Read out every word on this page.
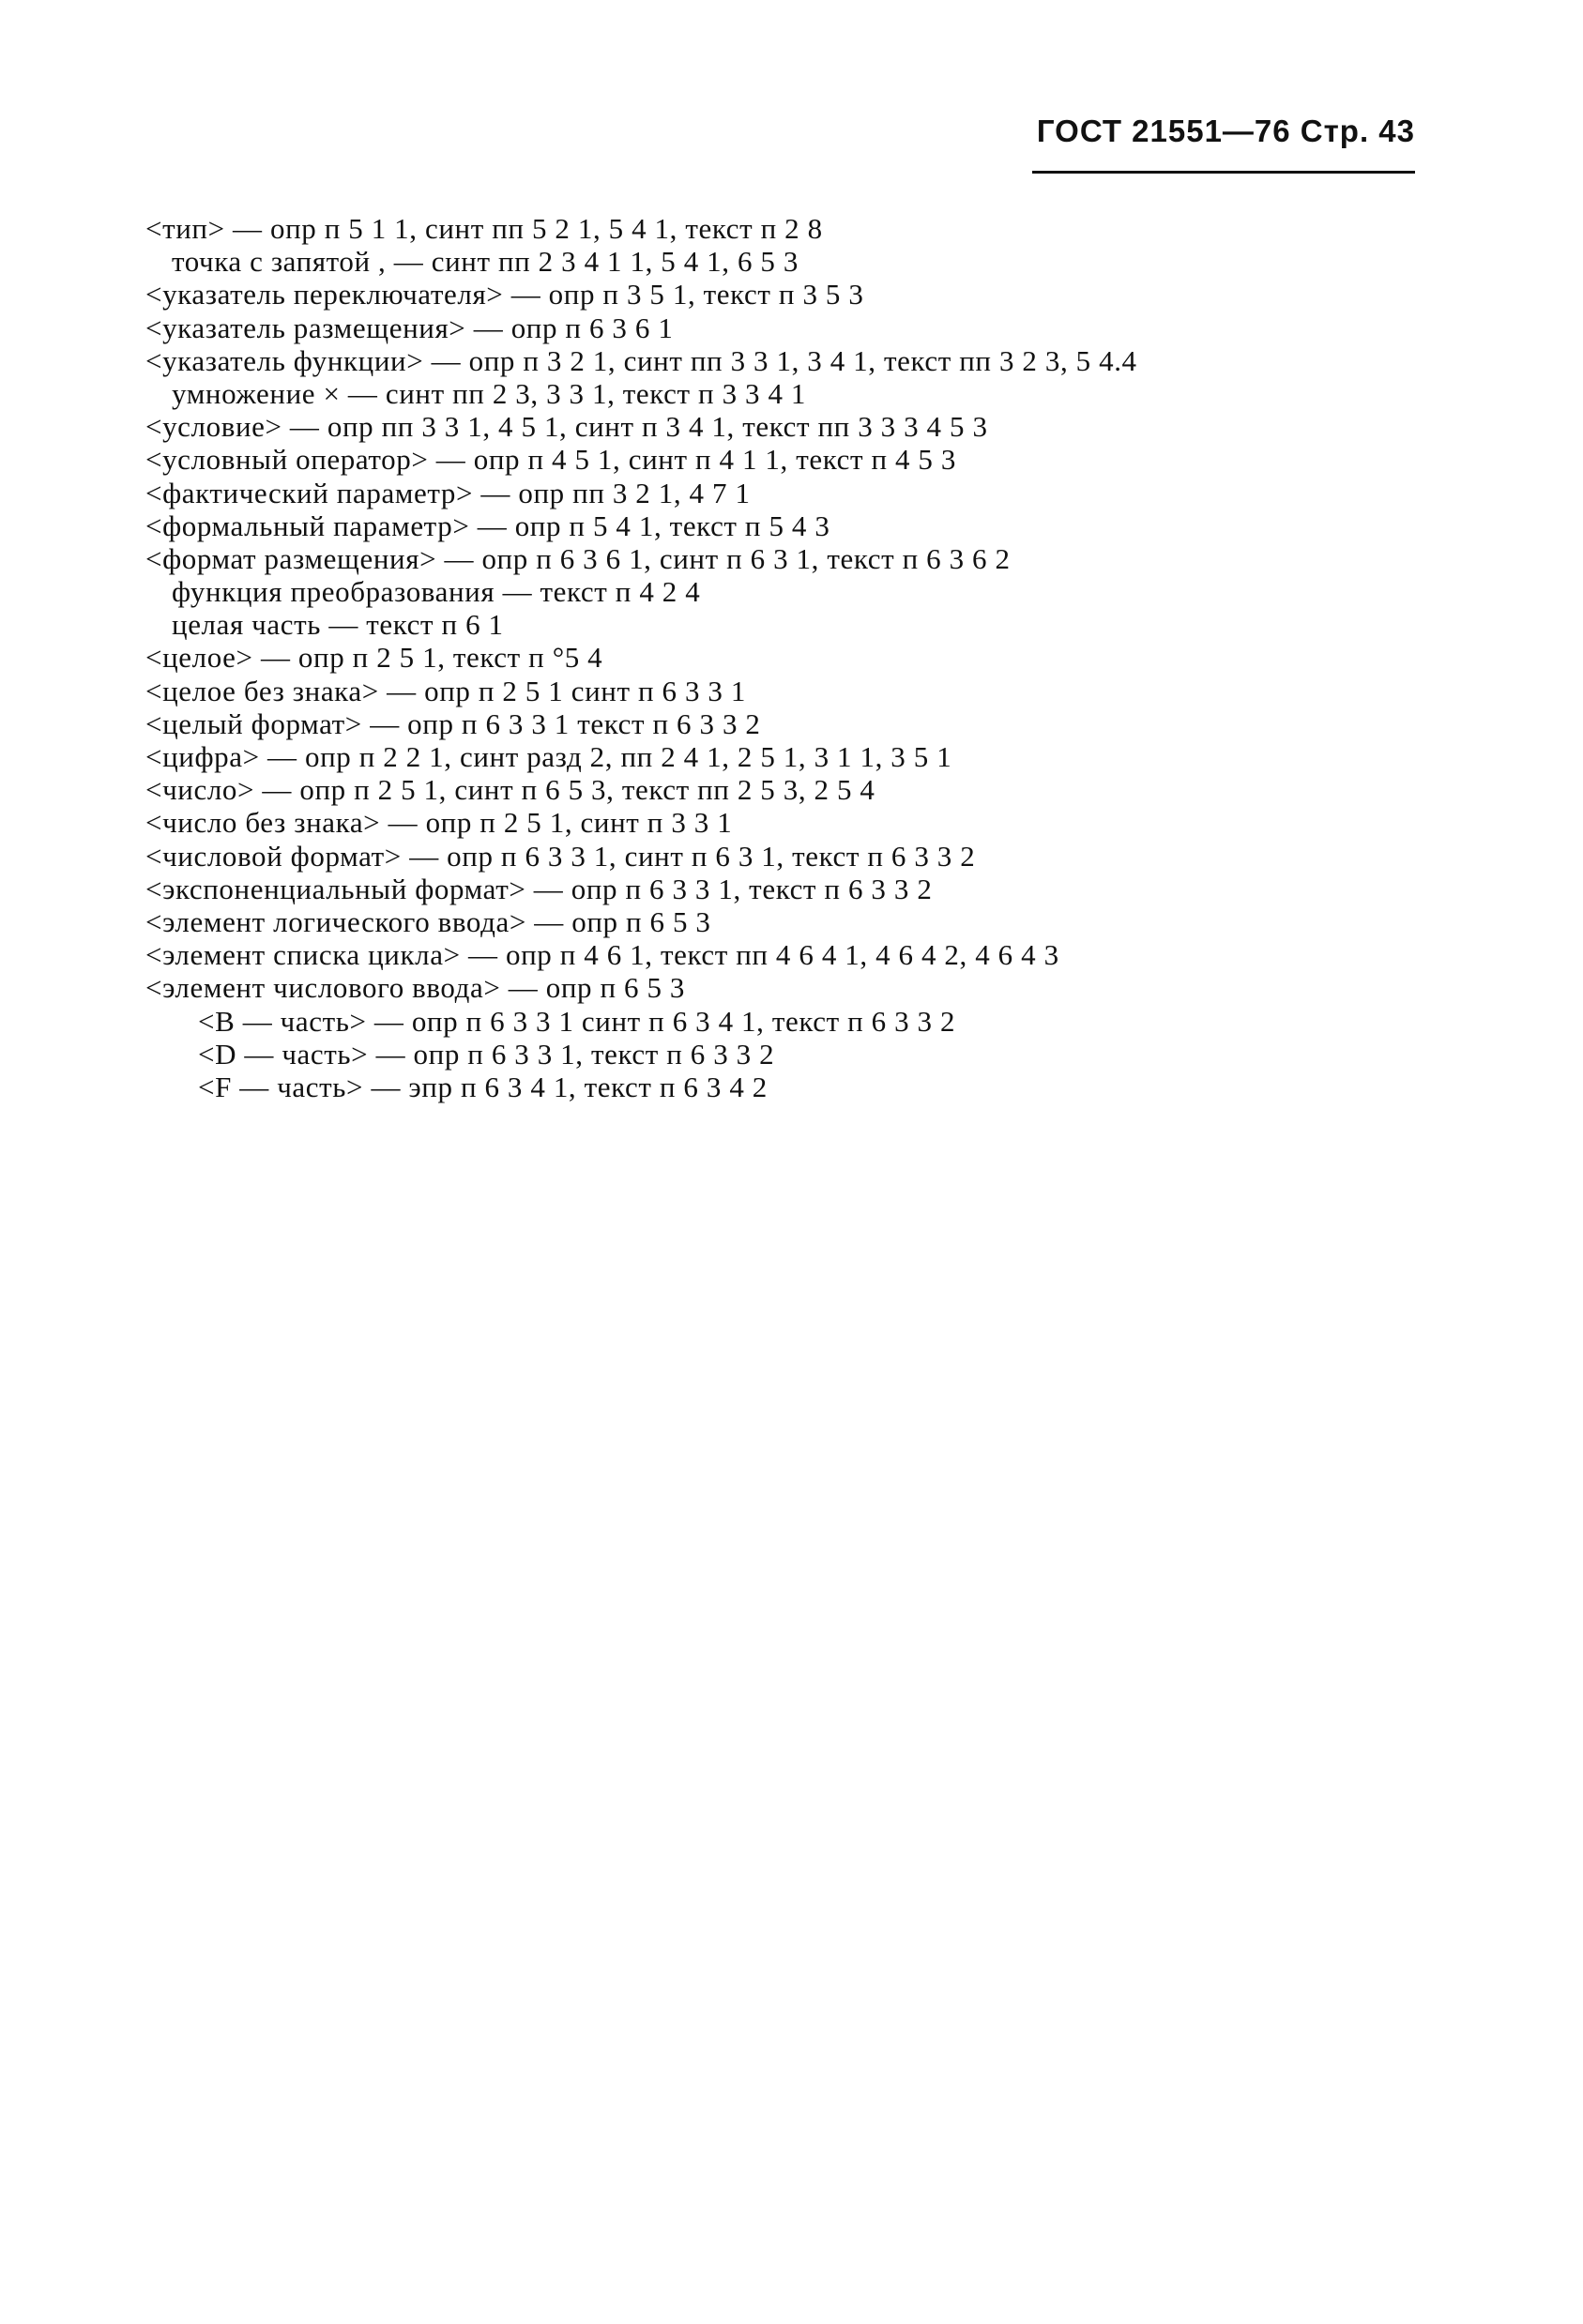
ГОСТ 21551—76 Стр. 43
<тип> — опр п 5 1 1, синт пп 5 2 1, 5 4 1, текст п 2 8
точка с запятой , — синт пп 2 3 4 1 1, 5 4 1, 6 5 3
<указатель переключателя> — опр п 3 5 1, текст п 3 5 3
<указатель размещения> — опр п 6 3 6 1
<указатель функции> — опр п 3 2 1, синт пп 3 3 1, 3 4 1, текст пп 3 2 3, 5 4.4
умножение × — синт пп 2 3, 3 3 1, текст п 3 3 4 1
<условие> — опр пп 3 3 1, 4 5 1, синт п 3 4 1, текст пп 3 3 3 4 5 3
<условный оператор> — опр п 4 5 1, синт п 4 1 1, текст п 4 5 3
<фактический параметр> — опр пп 3 2 1, 4 7 1
<формальный параметр> — опр п 5 4 1, текст п 5 4 3
<формат размещения> — опр п 6 3 6 1, синт п 6 3 1, текст п 6 3 6 2
функция преобразования — текст п 4 2 4
целая часть — текст п 6 1
<целое> — опр п 2 5 1, текст п °5 4
<целое без знака> — опр п 2 5 1 синт п 6 3 3 1
<целый формат> — опр п 6 3 3 1 текст п 6 3 3 2
<цифра> — опр п 2 2 1, синт разд 2, пп 2 4 1, 2 5 1, 3 1 1, 3 5 1
<число> — опр п 2 5 1, синт п 6 5 3, текст пп 2 5 3, 2 5 4
<число без знака> — опр п 2 5 1, синт п 3 3 1
<числовой формат> — опр п 6 3 3 1, синт п 6 3 1, текст п 6 3 3 2
<экспоненциальный формат> — опр п 6 3 3 1, текст п 6 3 3 2
<элемент логического ввода> — опр п 6 5 3
<элемент списка цикла> — опр п 4 6 1, текст пп 4 6 4 1, 4 6 4 2, 4 6 4 3
<элемент числового ввода> — опр п 6 5 3
<B — часть> — опр п 6 3 3 1 синт п 6 3 4 1, текст п 6 3 3 2
<D — часть> — опр п 6 3 3 1, текст п 6 3 3 2
<F — часть> — эпр п 6 3 4 1, текст п 6 3 4 2
